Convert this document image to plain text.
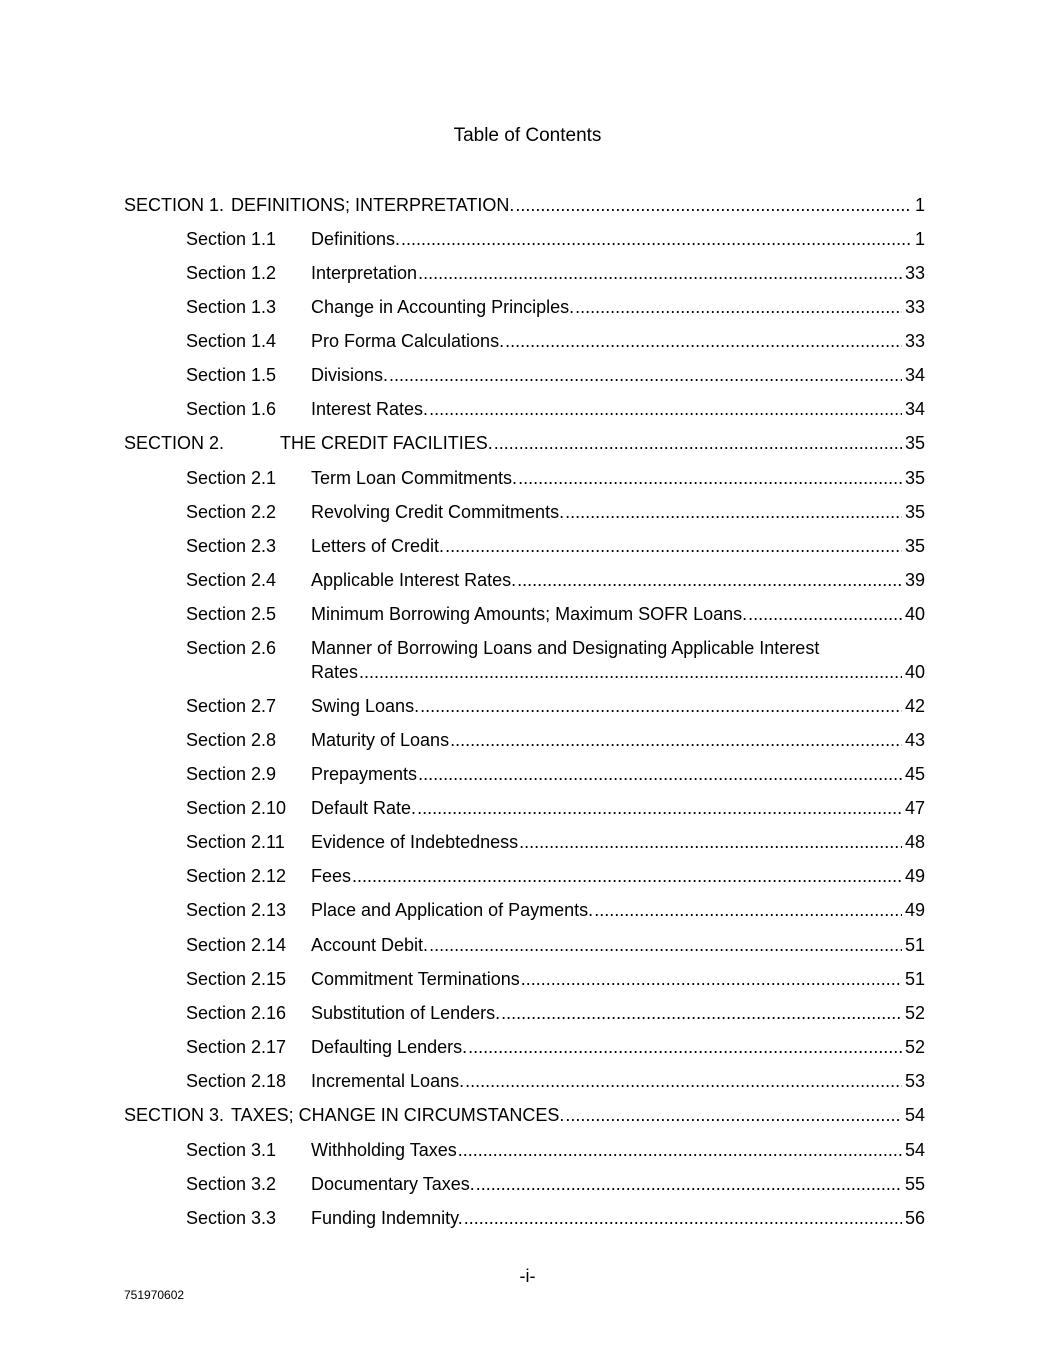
Table of Contents
SECTION 1. DEFINITIONS; INTERPRETATION. .....	1
Section 1.1 Definitions. .....	1
Section 1.2 Interpretation .....	33
Section 1.3 Change in Accounting Principles. .....	33
Section 1.4 Pro Forma Calculations. .....	33
Section 1.5 Divisions. .....	34
Section 1.6 Interest Rates. .....	34
SECTION 2.	THE CREDIT FACILITIES. .....	35
Section 2.1 Term Loan Commitments. .....	35
Section 2.2 Revolving Credit Commitments. .....	35
Section 2.3 Letters of Credit. .....	35
Section 2.4 Applicable Interest Rates. .....	39
Section 2.5 Minimum Borrowing Amounts; Maximum SOFR Loans. .....	40
Section 2.6 Manner of Borrowing Loans and Designating Applicable Interest
Rates .....	40
Section 2.7 Swing Loans. .....	42
Section 2.8 Maturity of Loans .....	43
Section 2.9 Prepayments .....	45
Section 2.10 Default Rate. .....	47
Section 2.11 Evidence of Indebtedness .....	48
Section 2.12 Fees .....	49
Section 2.13 Place and Application of Payments. .....	49
Section 2.14 Account Debit. .....	51
Section 2.15 Commitment Terminations .....	51
Section 2.16 Substitution of Lenders. .....	52
Section 2.17 Defaulting Lenders. .....	52
Section 2.18 Incremental Loans. .....	53
SECTION 3. TAXES; CHANGE IN CIRCUMSTANCES. .....	54
Section 3.1 Withholding Taxes .....	54
Section 3.2 Documentary Taxes. .....	55
Section 3.3 Funding Indemnity. .....	56
-i-
751970602
